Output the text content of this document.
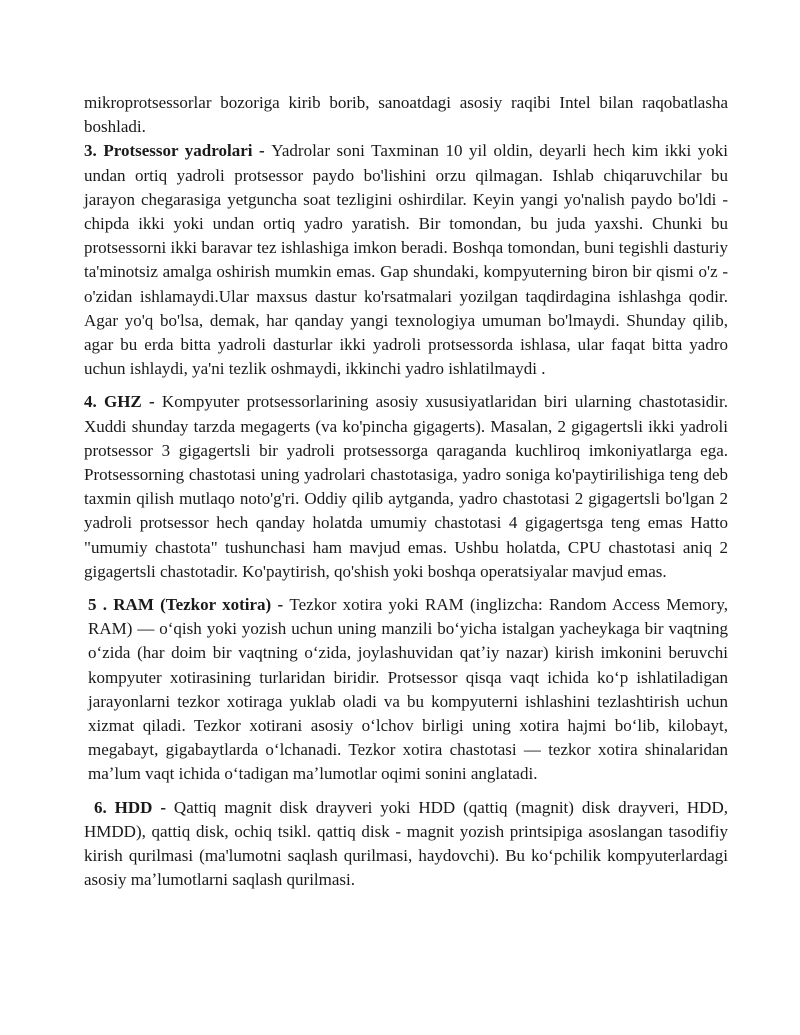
mikroprotsessorlar bozoriga kirib borib, sanoatdagi asosiy raqibi Intel bilan raqobatlasha boshladi.

3. Protsessor yadrolari - Yadrolar soni Taxminan 10 yil oldin, deyarli hech kim ikki yoki undan ortiq yadroli protsessor paydo bo'lishini orzu qilmagan. Ishlab chiqaruvchilar bu jarayon chegarasiga yetguncha soat tezligini oshirdilar. Keyin yangi yo'nalish paydo bo'ldi - chipda ikki yoki undan ortiq yadro yaratish. Bir tomondan, bu juda yaxshi. Chunki bu protsessorni ikki baravar tez ishlashiga imkon beradi. Boshqa tomondan, buni tegishli dasturiy ta'minotsiz amalga oshirish mumkin emas. Gap shundaki, kompyuterning biron bir qismi o'z -o'zidan ishlamaydi.Ular maxsus dastur ko'rsatmalari yozilgan taqdirdagina ishlashga qodir. Agar yo'q bo'lsa, demak, har qanday yangi texnologiya umuman bo'lmaydi. Shunday qilib, agar bu erda bitta yadroli dasturlar ikki yadroli protsessorda ishlasa, ular faqat bitta yadro uchun ishlaydi, ya'ni tezlik oshmaydi, ikkinchi yadro ishlatilmaydi .

4. GHZ - Kompyuter protsessorlarining asosiy xususiyatlaridan biri ularning chastotasidir. Xuddi shunday tarzda megagerts (va ko'pincha gigagerts). Masalan, 2 gigagertsli ikki yadroli protsessor 3 gigagertsli bir yadroli protsessorga qaraganda kuchliroq imkoniyatlarga ega. Protsessorning chastotasi uning yadrolari chastotasiga, yadro soniga ko'paytirilishiga teng deb taxmin qilish mutlaqo noto'g'ri. Oddiy qilib aytganda, yadro chastotasi 2 gigagertsli bo'lgan 2 yadroli protsessor hech qanday holatda umumiy chastotasi 4 gigagertsga teng emas Hatto "umumiy chastota" tushunchasi ham mavjud emas. Ushbu holatda, CPU chastotasi aniq 2 gigagertsli chastotadir. Ko'paytirish, qo'shish yoki boshqa operatsiyalar mavjud emas.

5 . RAM (Tezkor xotira) - Tezkor xotira yoki RAM (inglizcha: Random Access Memory, RAM) — oʻqish yoki yozish uchun uning manzili boʻyicha istalgan yacheykaga bir vaqtning oʻzida (har doim bir vaqtning oʻzida, joylashuvidan qatʼiy nazar) kirish imkonini beruvchi kompyuter xotirasining turlaridan biridir. Protsessor qisqa vaqt ichida koʻp ishlatiladigan jarayonlarni tezkor xotiraga yuklab oladi va bu kompyuterni ishlashini tezlashtirish uchun xizmat qiladi. Tezkor xotirani asosiy oʻlchov birligi uning xotira hajmi boʻlib, kilobayt, megabayt, gigabaytlarda oʻlchanadi. Tezkor xotira chastotasi — tezkor xotira shinalaridan maʼlum vaqt ichida oʻtadigan maʼlumotlar oqimi sonini anglatadi.

6. HDD - Qattiq magnit disk drayveri yoki HDD (qattiq (magnit) disk drayveri, HDD, HMDD), qattiq disk, ochiq tsikl. qattiq disk - magnit yozish printsipiga asoslangan tasodifiy kirish qurilmasi (ma'lumotni saqlash qurilmasi, haydovchi). Bu koʻpchilik kompyuterlardagi asosiy maʼlumotlarni saqlash qurilmasi.
